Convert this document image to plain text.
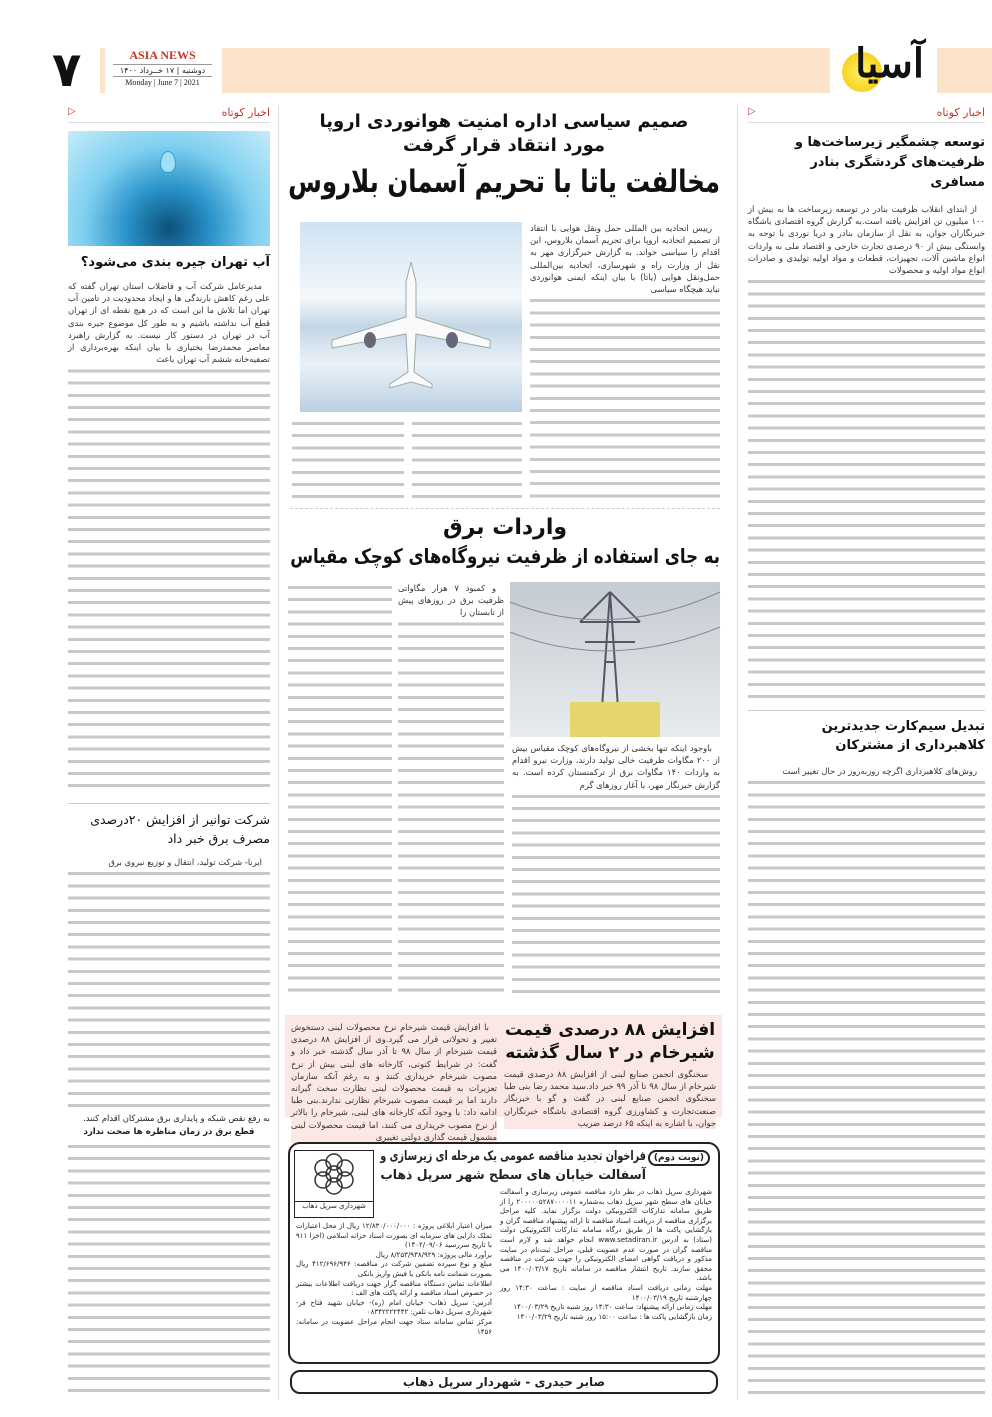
آسیا
۷	ASIA NEWS
دوشنبه | ۱۷ خــرداد ۱۴۰۰
Monday | June 7 | 2021
اخبار کوتاه
▷
توسعه چشمگیر زیرساخت‌ها و ظرفیت‌های گردشگری بنادر مسافری

از ابتدای انقلاب ظرفیت بنادر در توسعه زیرساخت ها به بیش از ۱۰۰ میلیون تن افزایش یافته است.به گزارش گروه اقتصادی باشگاه خبرنگاران جوان، به نقل از سازمان بنادر و دریا نوردی با توجه به وابستگی بیش از ۹۰ درصدی تجارت خارجی و اقتصاد ملی به واردات انواع ماشین آلات، تجهیزات، قطعات و مواد اولیه تولیدی و صادرات انواع مواد اولیه و محصولات

تبدیل سیم‌کارت جدیدترین کلاهبرداری از مشترکان

روش‌های کلاهبرداری اگرچه روزبه‌روز در حال تغییر است

صمیم سیاسی اداره امنیت هوانوردی اروپا مورد انتقاد قرار گرفت
مخالفت یاتا با تحریم آسمان بلاروس

رییس اتحادیه بین المللی حمل ونقل هوایی با انتقاد از تصمیم اتحادیه اروپا برای تحریم آسمان بلاروس، این اقدام را سیاسی خواند. به گزارش خبرگزاری مهر به نقل از وزارت راه و شهرسازی، اتحادیه بین‌المللی حمل‌ونقل هوایی (یاتا) با بیان اینکه ایمنی هوانوردی نباید هیچگاه سیاسی

واردات برق
به جای استفاده از ظرفیت نیروگاه‌های کوچک مقیاس

و کمبود ۷ هزار مگاواتی ظرفیت برق در روزهای پیش از تابستان را

باوجود اینکه تنها بخشی از نیروگاه‌های کوچک مقیاس بیش از ۲۰۰ مگاوات ظرفیت خالی تولید دارند، وزارت نیرو اقدام به واردات ۱۴۰ مگاوات برق از ترکمنستان کرده است. به گزارش خبرنگار مهر، با آغاز روزهای گرم

افزایش ۸۸ درصدی قیمت شیرخام در ۲ سال گذشته

سخنگوی انجمن صنایع لبنی از افزایش ۸۸ درصدی قیمت شیرخام از سال ۹۸ تا آذر ۹۹ خبر داد.سید محمد رضا بنی طبا سخنگوی انجمن صنایع لبنی در گفت و گو با خبرنگار صنعت‌تجارت و کشاورزی گروه اقتصادی باشگاه خبرنگاران جوان، با اشاره به اینکه ۶۵ درصد ضریب

با افزایش قیمت شیرخام نرخ محصولات لبنی دستخوش تغییر و تحولاتی قرار می گیرد.وی از افزایش ۸۸ درصدی قیمت شیرخام از سال ۹۸ تا آذر سال گذشته خبر داد و گفت: در شرایط کنونی، کارخانه های لبنی بیش از نرخ مصوب شیرخام خریداری کنند و به رغم آنکه سازمان تعزیرات به قیمت محصولات لبنی نظارت سخت گیرانه دارند اما بر قیمت مصوب شیرخام نظارتی ندارند.بنی طبا ادامه داد: با وجود آنکه کارخانه های لبنی، شیرخام را بالاتر از نرخ مصوب خریداری می کنند، اما قیمت محصولات لبنی مشمول قیمت گذاری دولتی تغییری

(نوبت دوم)
فراخوان تجدید مناقصه عمومی یک مرحله ای زیرسازی و
آسفالت خیابان های سطح شهر سرپل ذهاب
شهرداری سرپل ذهاب
شهرداری سرپل ذهاب در نظر دارد مناقصه عمومی زیرسازی و آسفالت خیابان های سطح شهر سرپل ذهاب به‌شماره ۲۰۰۰۰۰۵۲۸۷۰۰۰۰۱۱ را از طریق سامانه تدارکات الکترونیکی دولت برگزار نماید. کلیه مراحل برگزاری مناقصه از دریافت اسناد مناقصه تا ارائه پیشنهاد مناقصه گران و بازگشایی پاکت ها از طریق درگاه سامانه تدارکات الکترونیکی دولت (ستاد) به آدرس www.setadiran.ir انجام خواهد شد و لازم است مناقصه گران در صورت عدم عضویت قبلی، مراحل ثبت‌نام در سایت مذکور و دریافت گواهی امضای الکترونیکی را جهت شرکت در مناقصه محقق سازند. تاریخ انتشار مناقصه در سامانه تاریخ ۱۴۰۰/۰۳/۱۷ می باشد.
مهلت زمانی دریافت اسناد مناقصه از سایت : ساعت ۱۴:۳۰ روز چهارشنبه تاریخ ۱۴۰۰/۰۳/۱۹
مهلت زمانی ارائه پیشنهاد: ساعت ۱۴:۳۰ روز شنبه تاریخ ۱۴۰۰/۰۳/۲۹
زمان بازگشایی پاکت ها : ساعت ۱۵:۰۰ روز شنبه تاریخ ۱۴۰۰/۰۳/۲۹
میزان اعتبار ابلاغی پروژه : ۱۲/۸۳۰/۰۰۰/۰۰۰ ریال از محل اعتبارات تملک دارایی های سرمایه ای بصورت اسناد خزانه اسلامی (اخزا ۹۱۱ با تاریخ سررسید ۱۴۰۲/۰۹/۰۶)
برآورد مالی پروژه: ۸/۲۵۳/۹۳۸/۹۲۹ ریال
مبلغ و نوع سپرده تضمین شرکت در مناقصه: ۴۱۲/۶۹۶/۹۴۶ ریال بصورت ضمانت نامه بانکی یا فیش واریز بانکی
اطلاعات تماس دستگاه مناقصه گزار جهت دریافت اطلاعات بیشتر در خصوص اسناد مناقصه و ارائه پاکت های الف :
آدرس: سرپل ذهاب- خیابان امام (ره)- خیابان شهید فتاح فر- شهرداری سرپل ذهاب تلفن: ۰۸۳۴۲۲۲۲۴۴۲
مرکز تماس سامانه ستاد جهت انجام مراحل عضویت در سامانه: ۱۴۵۶
صابر حیدری - شهردار سرپل ذهاب
اخبار کوتاه
▷
آب تهران جیره بندی می‌شود؟

مدیرعامل شرکت آب و فاضلاب استان تهران گفته که علی رغم کاهش بارندگی ها و ایجاد محدودیت در تامین آب تهران اما تلاش ما این است که در هیچ نقطه ای از تهران قطع آب نداشته باشیم و به طور کل موضوع جیره بندی آب در تهران در دستور کار نیست. به گزارش راهبرد معاصر محمدرضا بختیاری با بیان اینکه بهره‌برداری از تصفیه‌خانه ششم آب تهران باعث

شرکت توانیر از افزایش ۲۰درصدی مصرف برق خبر داد

ایرنا- شرکت تولید، انتقال و توزیع نیروی برق

به رفع نقص شبکه و پایداری برق مشترکان اقدام کنند.
قطع برق در زمان مناظره ها صحت ندارد
